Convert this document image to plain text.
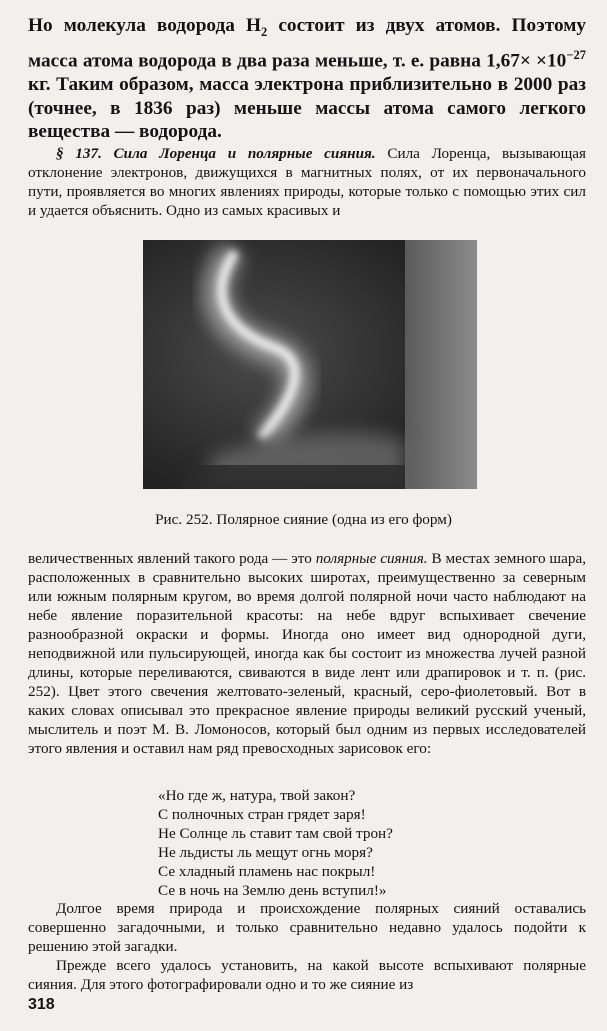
Но молекула водорода $H_2$ состоит из двух атомов. Поэтому масса атома водорода в два раза меньше, т. е. равна $1,67\times \times 10^{-27}$ кг. Таким образом, масса электрона приблизительно в 2000 раз (точнее, в 1836 раз) меньше массы атома самого легкого вещества — водорода.

§ 137. Сила Лоренца и полярные сияния. Сила Лоренца, вызывающая отклонение электронов, движущихся в магнитных полях, от их первоначального пути, проявляется во многих явлениях природы, которые только с помощью этих сил и удается объяснить. Одно из самых красивых и

Рис. 252. Полярное сияние (одна из его форм)

величественных явлений такого рода — это полярные сияния. В местах земного шара, расположенных в сравнительно высоких широтах, преимущественно за северным или южным полярным кругом, во время долгой полярной ночи часто наблюдают на небе явление поразительной красоты: на небе вдруг вспыхивает свечение разнообразной окраски и формы. Иногда оно имеет вид однородной дуги, неподвижной или пульсирующей, иногда как бы состоит из множества лучей разной длины, которые переливаются, свиваются в виде лент или драпировок и т. п. (рис. 252). Цвет этого свечения желтовато-зеленый, красный, серо-фиолетовый. Вот в каких словах описывал это прекрасное явление природы великий русский ученый, мыслитель и поэт М. В. Ломоносов, который был одним из первых исследователей этого явления и оставил нам ряд превосходных зарисовок его:

«Но где ж, натура, твой закон?
С полночных стран грядет заря!
Не Солнце ль ставит там свой трон?
Не льдисты ль мещут огнь моря?
Се хладный пламень нас покрыл!
Се в ночь на Землю день вступил!»

Долгое время природа и происхождение полярных сияний оставались совершенно загадочными, и только сравнительно недавно удалось подойти к решению этой загадки.

Прежде всего удалось установить, на какой высоте вспыхивают полярные сияния. Для этого фотографировали одно и то же сияние из

318
